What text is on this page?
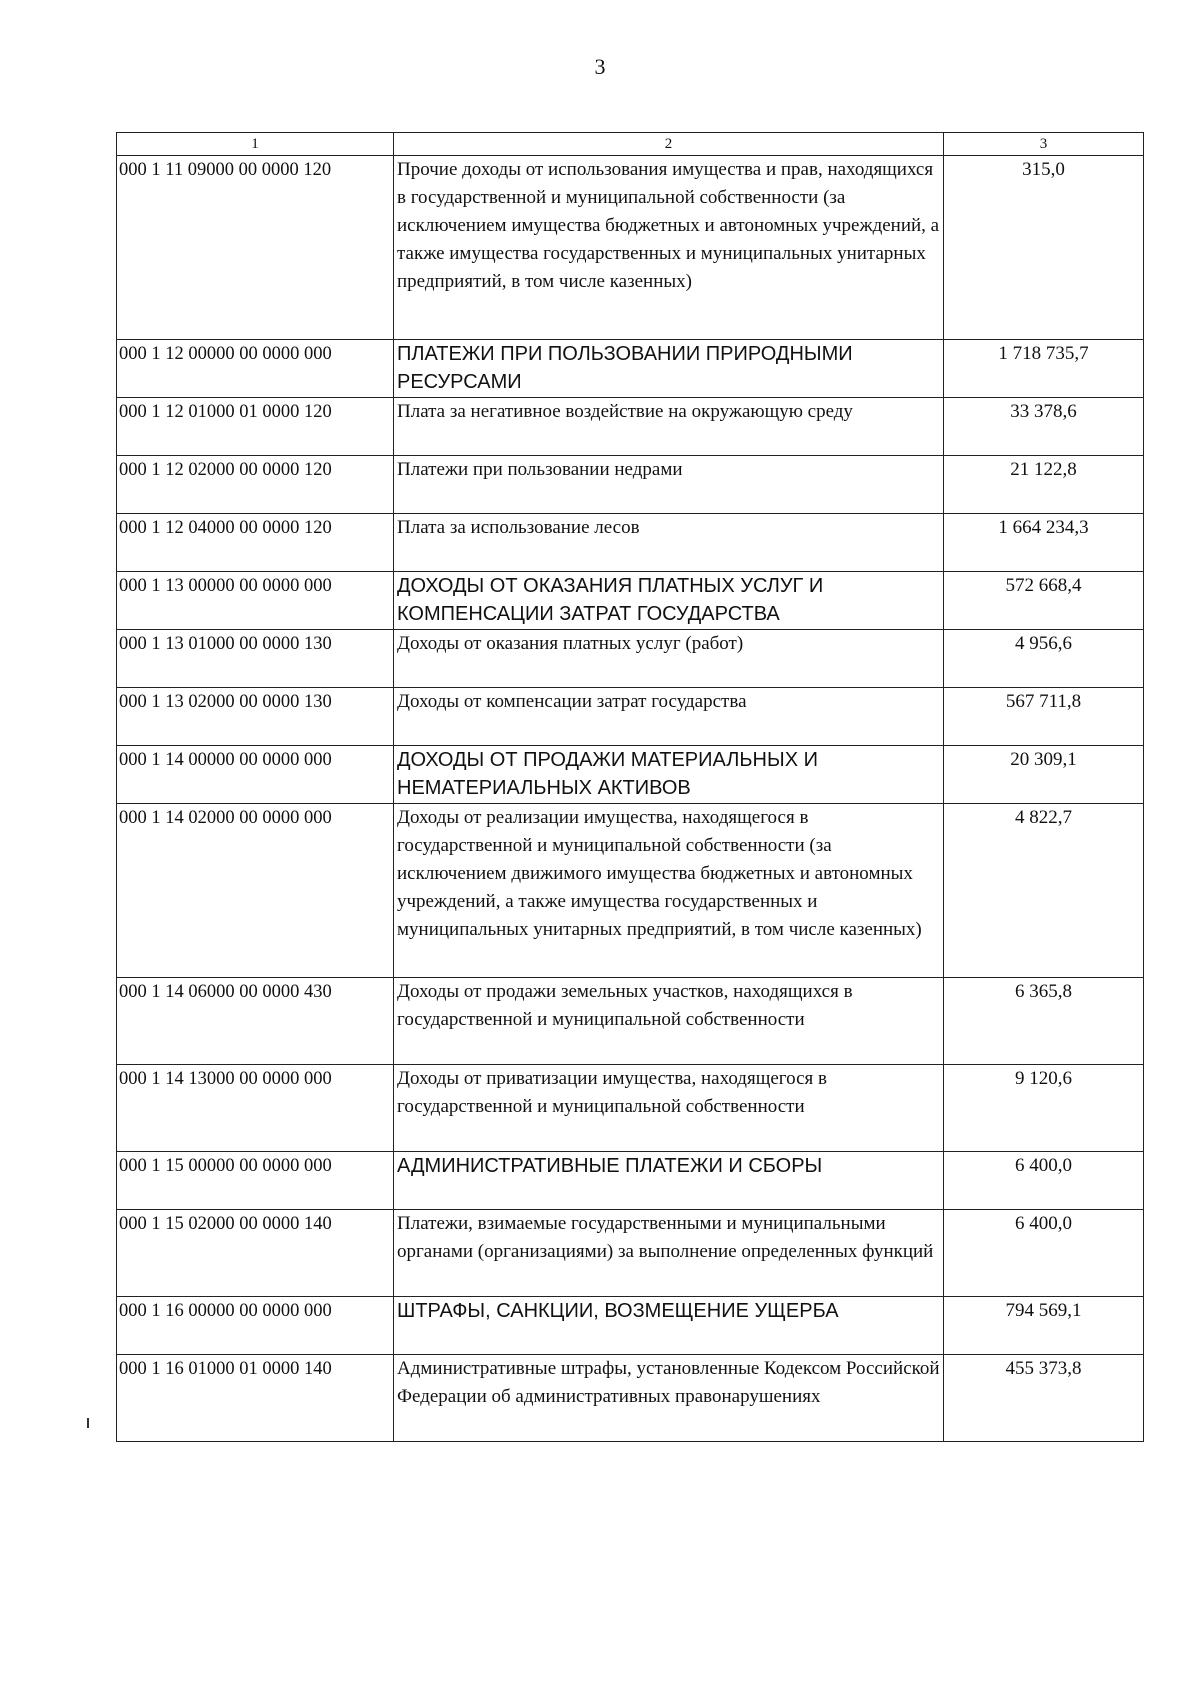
3
1	2	3
000 1 11 09000 00 0000 120	Прочие доходы от использования имущества и прав, находящихся в государственной и муниципальной собственности (за исключением имущества бюджетных и автономных учреждений, а также имущества государственных и муниципальных унитарных предприятий, в том числе казенных)	315,0
000 1 12 00000 00 0000 000	ПЛАТЕЖИ ПРИ ПОЛЬЗОВАНИИ ПРИРОДНЫМИ РЕСУРСАМИ	1 718 735,7
000 1 12 01000 01 0000 120	Плата за негативное воздействие на окружающую среду	33 378,6
000 1 12 02000 00 0000 120	Платежи при пользовании недрами	21 122,8
000 1 12 04000 00 0000 120	Плата за использование лесов	1 664 234,3
000 1 13 00000 00 0000 000	ДОХОДЫ ОТ ОКАЗАНИЯ ПЛАТНЫХ УСЛУГ И КОМПЕНСАЦИИ ЗАТРАТ ГОСУДАРСТВА	572 668,4
000 1 13 01000 00 0000 130	Доходы от оказания платных услуг (работ)	4 956,6
000 1 13 02000 00 0000 130	Доходы от компенсации затрат государства	567 711,8
000 1 14 00000 00 0000 000	ДОХОДЫ ОТ ПРОДАЖИ МАТЕРИАЛЬНЫХ И НЕМАТЕРИАЛЬНЫХ АКТИВОВ	20 309,1
000 1 14 02000 00 0000 000	Доходы от реализации имущества, находящегося в государственной и муниципальной собственности (за исключением движимого имущества бюджетных и автономных учреждений, а также имущества государственных и муниципальных унитарных предприятий, в том числе казенных)	4 822,7
000 1 14 06000 00 0000 430	Доходы от продажи земельных участков, находящихся в государственной и муниципальной собственности	6 365,8
000 1 14 13000 00 0000 000	Доходы от приватизации имущества, находящегося в государственной и муниципальной собственности	9 120,6
000 1 15 00000 00 0000 000	АДМИНИСТРАТИВНЫЕ ПЛАТЕЖИ И СБОРЫ	6 400,0
000 1 15 02000 00 0000 140	Платежи, взимаемые государственными и муниципальными органами (организациями) за выполнение определенных функций	6 400,0
000 1 16 00000 00 0000 000	ШТРАФЫ, САНКЦИИ, ВОЗМЕЩЕНИЕ УЩЕРБА	794 569,1
000 1 16 01000 01 0000 140	Административные штрафы, установленные Кодексом Российской Федерации об административных правонарушениях	455 373,8
